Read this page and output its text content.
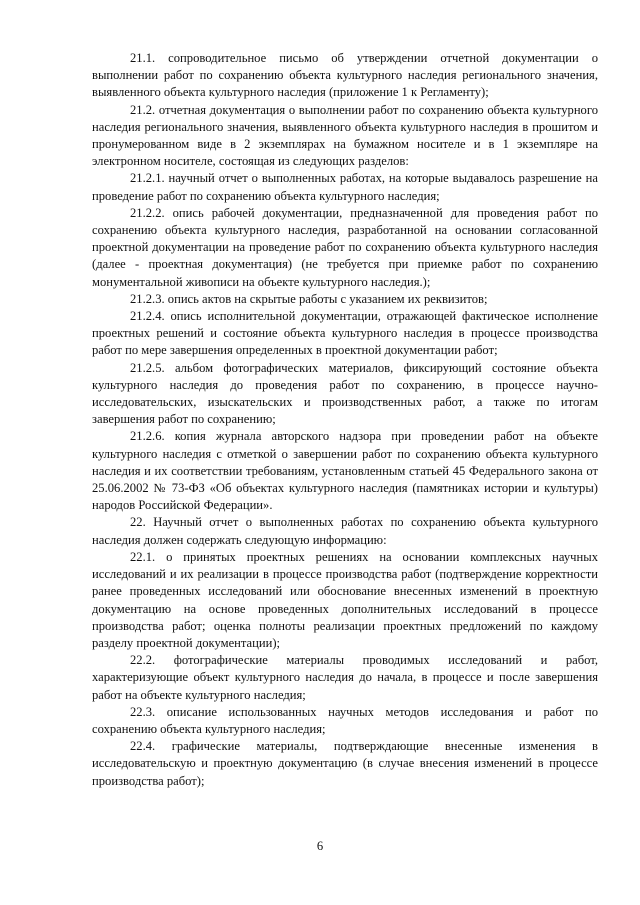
21.1. сопроводительное письмо об утверждении отчетной документации о выполнении работ по сохранению объекта культурного наследия регионального значения, выявленного объекта культурного наследия (приложение 1 к Регламенту);

21.2. отчетная документация о выполнении работ по сохранению объекта культурного наследия регионального значения, выявленного объекта культурного наследия в прошитом и пронумерованном виде в 2 экземплярах на бумажном носителе и в 1 экземпляре на электронном носителе, состоящая из следующих разделов:

21.2.1. научный отчет о выполненных работах, на которые выдавалось разрешение на проведение работ по сохранению объекта культурного наследия;

21.2.2. опись рабочей документации, предназначенной для проведения работ по сохранению объекта культурного наследия, разработанной на основании согласованной проектной документации на проведение работ по сохранению объекта культурного наследия (далее - проектная документация) (не требуется при приемке работ по сохранению монументальной живописи на объекте культурного наследия.);

21.2.3. опись актов на скрытые работы с указанием их реквизитов;

21.2.4. опись исполнительной документации, отражающей фактическое исполнение проектных решений и состояние объекта культурного наследия в процессе производства работ по мере завершения определенных в проектной документации работ;

21.2.5. альбом фотографических материалов, фиксирующий состояние объекта культурного наследия до проведения работ по сохранению, в процессе научно-исследовательских, изыскательских и производственных работ, а также по итогам завершения работ по сохранению;

21.2.6. копия журнала авторского надзора при проведении работ на объекте культурного наследия с отметкой о завершении работ по сохранению объекта культурного наследия и их соответствии требованиям, установленным статьей 45 Федерального закона от 25.06.2002 № 73-ФЗ «Об объектах культурного наследия (памятниках истории и культуры) народов Российской Федерации».

22. Научный отчет о выполненных работах по сохранению объекта культурного наследия должен содержать следующую информацию:

22.1. о принятых проектных решениях на основании комплексных научных исследований и их реализации в процессе производства работ (подтверждение корректности ранее проведенных исследований или обоснование внесенных изменений в проектную документацию на основе проведенных дополнительных исследований в процессе производства работ; оценка полноты реализации проектных предложений по каждому разделу проектной документации);

22.2. фотографические материалы проводимых исследований и работ, характеризующие объект культурного наследия до начала, в процессе и после завершения работ на объекте культурного наследия;

22.3. описание использованных научных методов исследования и работ по сохранению объекта культурного наследия;

22.4. графические материалы, подтверждающие внесенные изменения в исследовательскую и проектную документацию (в случае внесения изменений в процессе производства работ);

6
